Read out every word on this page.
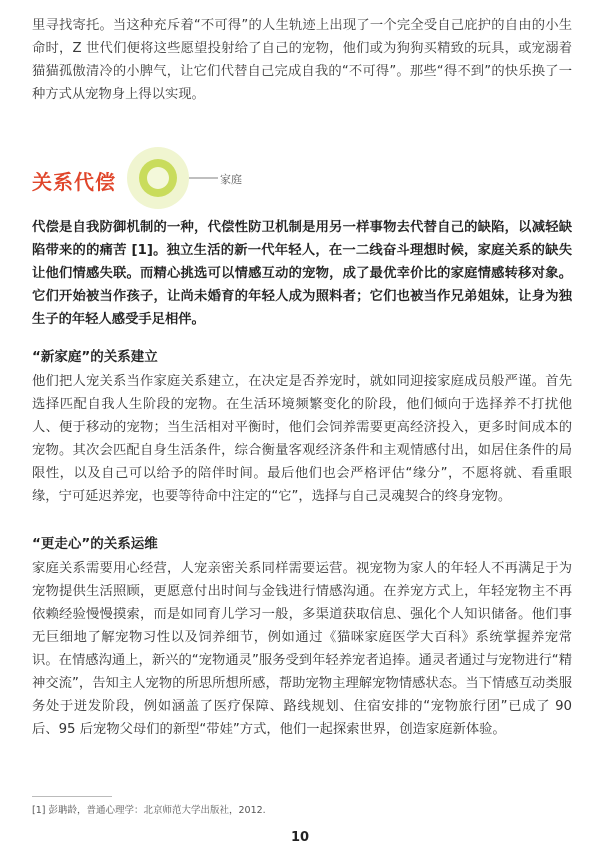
里寻找寄托。当这种充斥着“不可得”的人生轨迹上出现了一个完全受自己庇护的自由的小生命时，Z 世代们便将这些愿望投射给了自己的宠物，他们或为狗狗买精致的玩具，或宠溺着猫猫孤傲清冷的小脾气，让它们代替自己完成自我的“不可得”。那些“得不到”的快乐换了一种方式从宠物身上得以实现。

关系代偿	家庭

代偿是自我防御机制的一种，代偿性防卫机制是用另一样事物去代替自己的缺陷，以减轻缺陷带来的的痛苦 [1]。独立生活的新一代年轻人，在一二线奋斗理想时候，家庭关系的缺失让他们情感失联。而精心挑选可以情感互动的宠物，成了最优幸价比的家庭情感转移对象。它们开始被当作孩子，让尚未婚育的年轻人成为照料者；它们也被当作兄弟姐妹，让身为独生子的年轻人感受手足相伴。

“新家庭”的关系建立

他们把人宠关系当作家庭关系建立，在决定是否养宠时，就如同迎接家庭成员般严谨。首先选择匹配自我人生阶段的宠物。在生活环境频繁变化的阶段，他们倾向于选择养不打扰他人、便于移动的宠物；当生活相对平衡时，他们会饲养需要更高经济投入，更多时间成本的宠物。其次会匹配自身生活条件，综合衡量客观经济条件和主观情感付出，如居住条件的局限性，以及自己可以给予的陪伴时间。最后他们也会严格评估“缘分”，不愿将就、看重眼缘，宁可延迟养宠，也要等待命中注定的“它”，选择与自己灵魂契合的终身宠物。

“更走心”的关系运维

家庭关系需要用心经营，人宠亲密关系同样需要运营。视宠物为家人的年轻人不再满足于为宠物提供生活照顾，更愿意付出时间与金钱进行情感沟通。在养宠方式上，年轻宠物主不再依赖经验慢慢摸索，而是如同育儿学习一般，多渠道获取信息、强化个人知识储备。他们事无巨细地了解宠物习性以及饲养细节，例如通过《猫咪家庭医学大百科》系统掌握养宠常识。在情感沟通上，新兴的“宠物通灵”服务受到年轻养宠者追捧。通灵者通过与宠物进行“精神交流”，告知主人宠物的所思所想所感，帮助宠物主理解宠物情感状态。当下情感互动类服务处于迸发阶段，例如涵盖了医疗保障、路线规划、住宿安排的“宠物旅行团”已成了 90 后、95 后宠物父母们的新型“带娃”方式，他们一起探索世界，创造家庭新体验。

[1] 彭聃龄，普通心理学：北京师范大学出版社，2012.
10
